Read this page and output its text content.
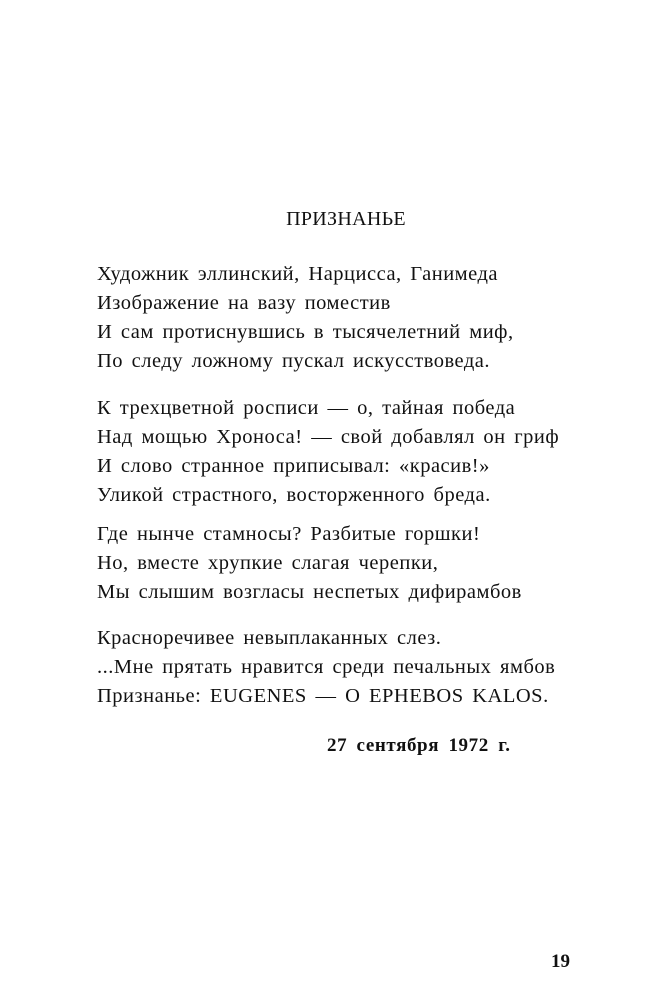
ПРИЗНАНЬЕ
Художник эллинский, Нарцисса, Ганимеда
Изображение на вазу поместив
И сам протиснувшись в тысячелетний миф,
По следу ложному пускал искусствоведа.
К трехцветной росписи — о, тайная победа
Над мощью Хроноса! — свой добавлял он гриф
И слово странное приписывал: «красив!»
Уликой страстного, восторженного бреда.
Где нынче стамносы? Разбитые горшки!
Но, вместе хрупкие слагая черепки,
Мы слышим возгласы неспетых дифирамбов
Красноречивее невыплаканных слез.
...Мне прятать нравится среди печальных ямбов
Признанье: EUGENES — O EPHEBOS KALOS.
27 сентября 1972 г.
19
